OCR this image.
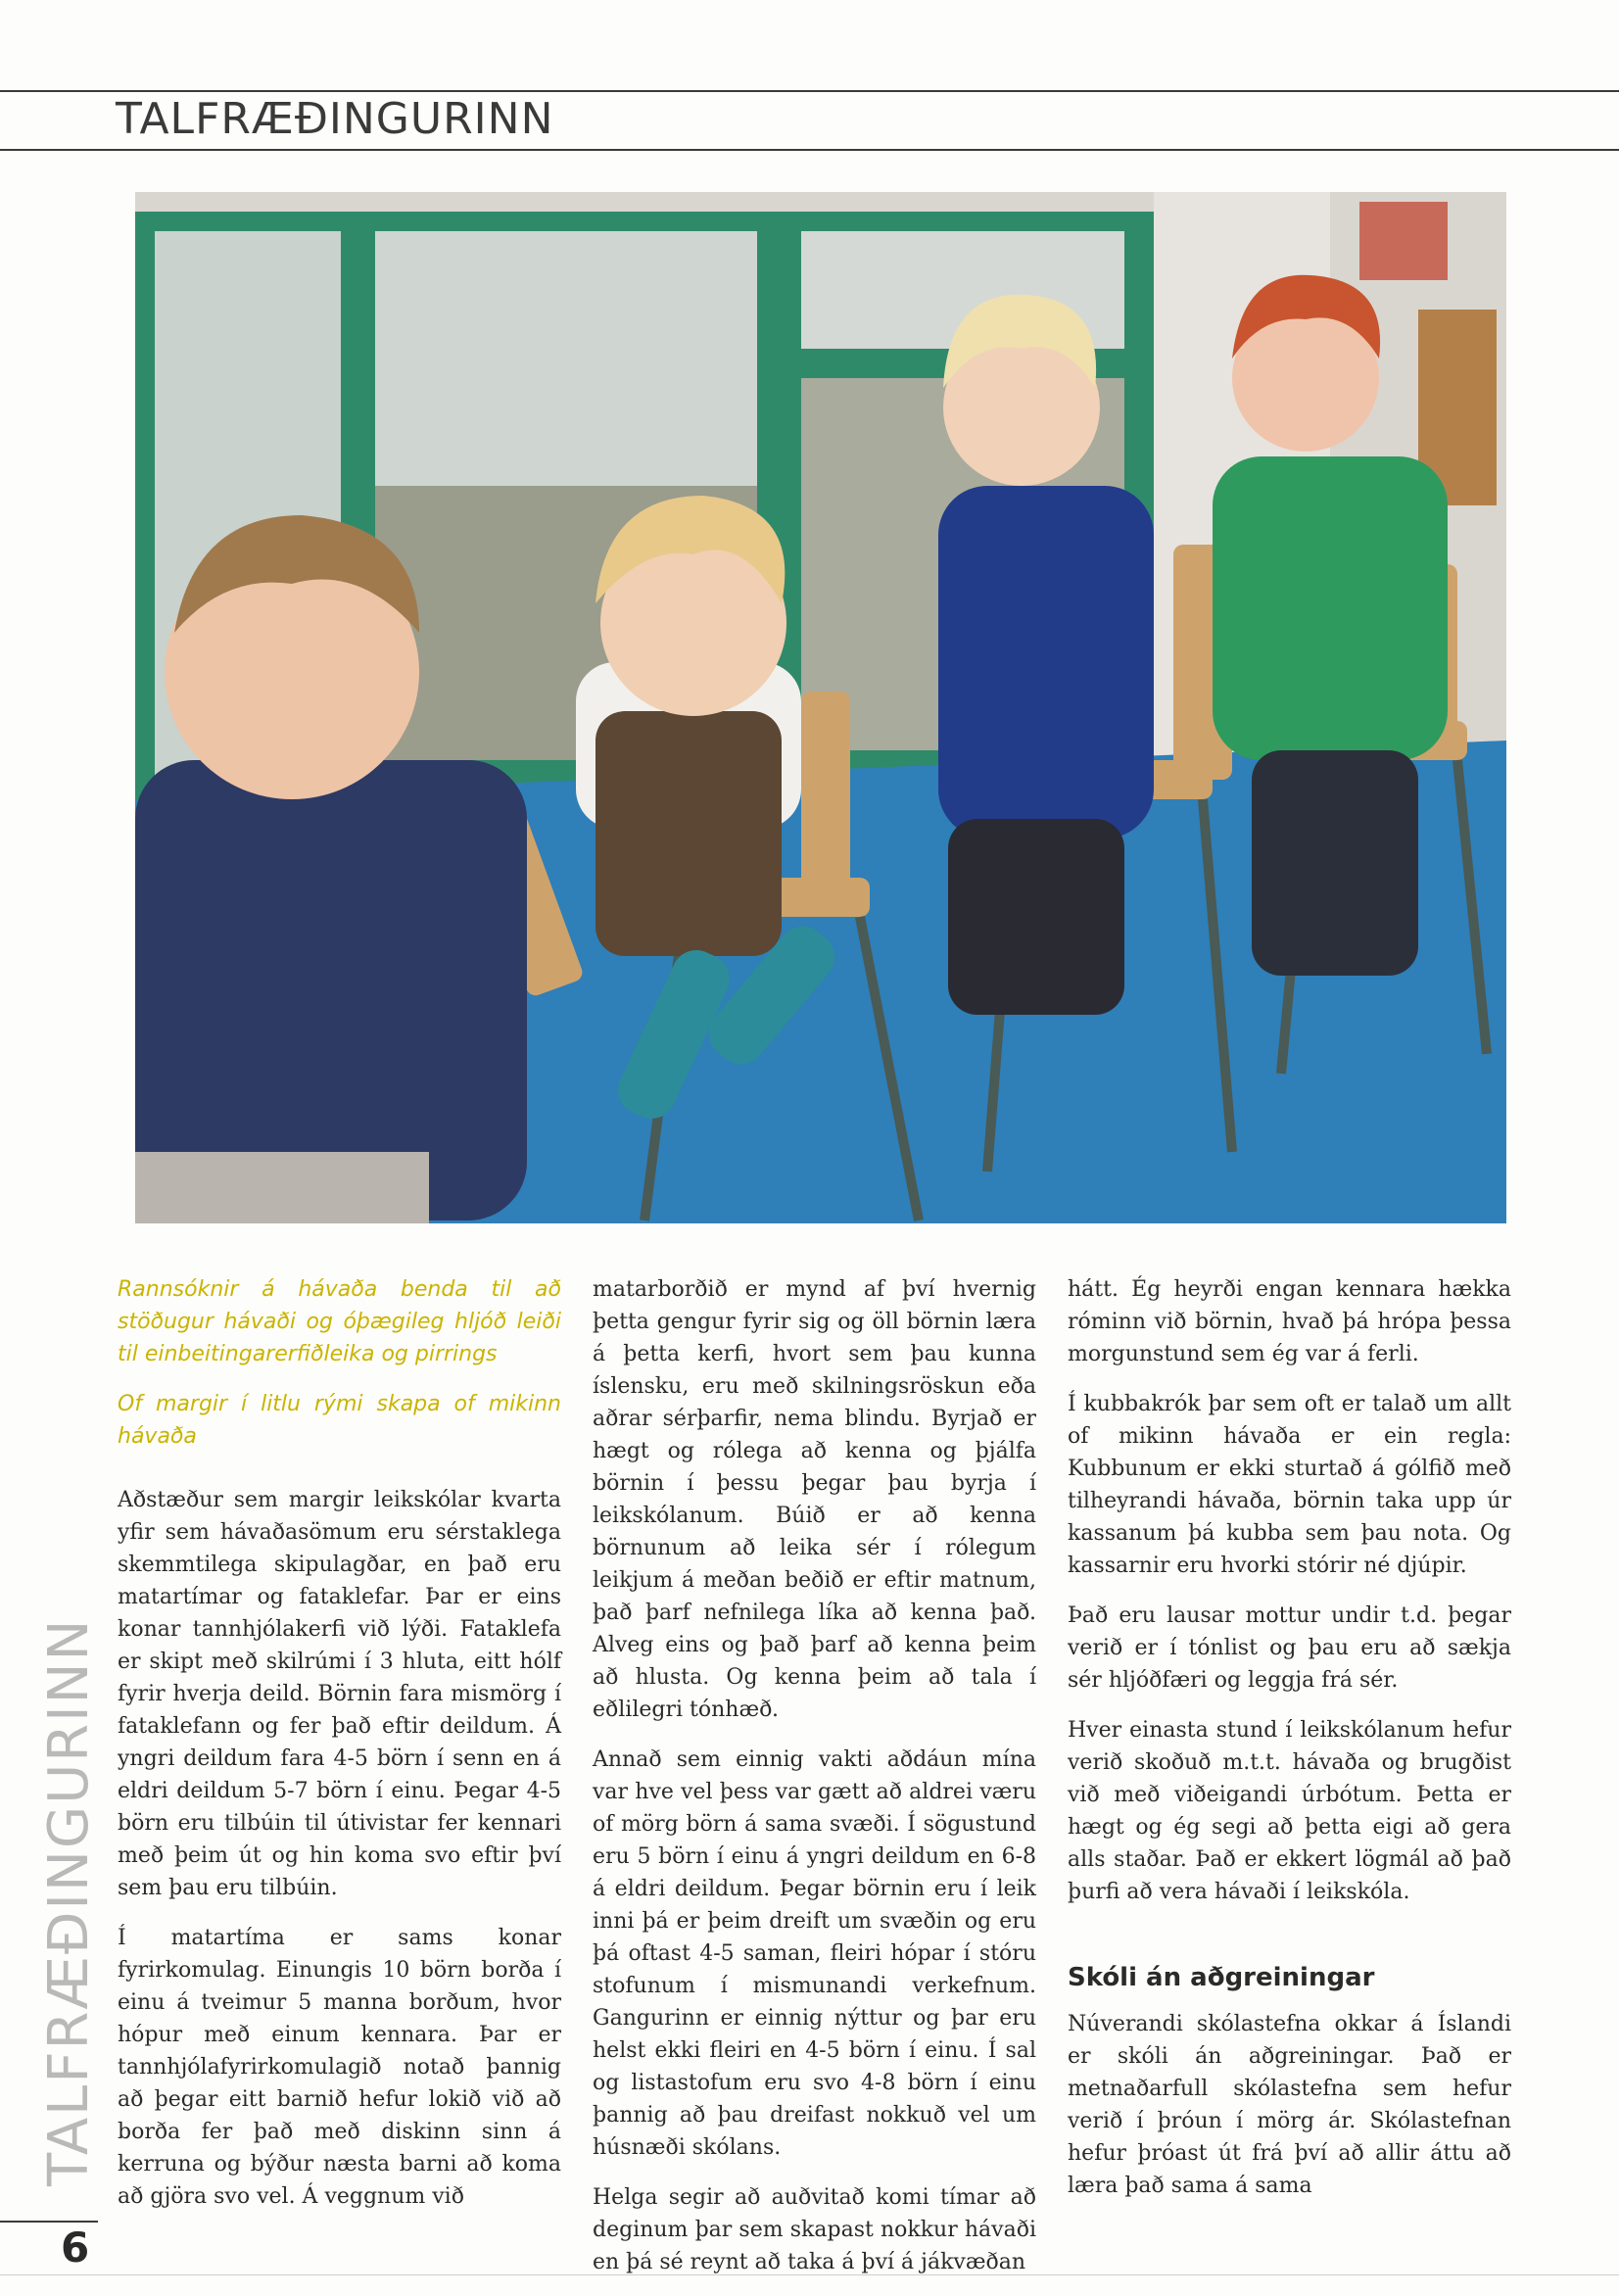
TALFRÆÐINGURINN
TALFRÆÐINGURINN

6

Rannsóknir á hávaða benda til að stöðugur hávaði og óþægileg hljóð leiði til einbeitingarerfiðleika og pirrings

Of margir í litlu rými skapa of mikinn hávaða

Aðstæður sem margir leikskólar kvarta yfir sem hávaðasömum eru sérstaklega skemmtilega skipulagðar, en það eru matartímar og fataklefar. Þar er eins konar tannhjólakerfi við lýði. Fataklefa er skipt með skilrúmi í 3 hluta, eitt hólf fyrir hverja deild. Börnin fara mismörg í fataklefann og fer það eftir deildum. Á yngri deildum fara 4-5 börn í senn en á eldri deildum 5-7 börn í einu. Þegar 4-5 börn eru tilbúin til útivistar fer kennari með þeim út og hin koma svo eftir því sem þau eru tilbúin.

Í matartíma er sams konar fyrirkomulag. Einungis 10 börn borða í einu á tveimur 5 manna borðum, hvor hópur með einum kennara. Þar er tannhjólafyrirkomulagið notað þannig að þegar eitt barnið hefur lokið við að borða fer það með diskinn sinn á kerruna og býður næsta barni að koma að gjöra svo vel. Á veggnum við

matarborðið er mynd af því hvernig þetta gengur fyrir sig og öll börnin læra á þetta kerfi, hvort sem þau kunna íslensku, eru með skilningsröskun eða aðrar sérþarfir, nema blindu. Byrjað er hægt og rólega að kenna og þjálfa börnin í þessu þegar þau byrja í leikskólanum. Búið er að kenna börnunum að leika sér í rólegum leikjum á meðan beðið er eftir matnum, það þarf nefnilega líka að kenna það. Alveg eins og það þarf að kenna þeim að hlusta. Og kenna þeim að tala í eðlilegri tónhæð.

Annað sem einnig vakti aðdáun mína var hve vel þess var gætt að aldrei væru of mörg börn á sama svæði. Í sögustund eru 5 börn í einu á yngri deildum en 6-8 á eldri deildum. Þegar börnin eru í leik inni þá er þeim dreift um svæðin og eru þá oftast 4-5 saman, fleiri hópar í stóru stofunum í mismunandi verkefnum. Gangurinn er einnig nýttur og þar eru helst ekki fleiri en 4-5 börn í einu. Í sal og listastofum eru svo 4-8 börn í einu þannig að þau dreifast nokkuð vel um húsnæði skólans.

Helga segir að auðvitað komi tímar að deginum þar sem skapast nokkur hávaði en þá sé reynt að taka á því á jákvæðan

hátt. Ég heyrði engan kennara hækka róminn við börnin, hvað þá hrópa þessa morgunstund sem ég var á ferli.

Í kubbakrók þar sem oft er talað um allt of mikinn hávaða er ein regla: Kubbunum er ekki sturtað á gólfið með tilheyrandi hávaða, börnin taka upp úr kassanum þá kubba sem þau nota. Og kassarnir eru hvorki stórir né djúpir.

Það eru lausar mottur undir t.d. þegar verið er í tónlist og þau eru að sækja sér hljóðfæri og leggja frá sér.

Hver einasta stund í leikskólanum hefur verið skoðuð m.t.t. hávaða og brugðist við með viðeigandi úrbótum. Þetta er hægt og ég segi að þetta eigi að gera alls staðar. Það er ekkert lögmál að það þurfi að vera hávaði í leikskóla.

Skóli án aðgreiningar

Núverandi skólastefna okkar á Íslandi er skóli án aðgreiningar. Það er metnaðarfull skólastefna sem hefur verið í þróun í mörg ár. Skólastefnan hefur þróast út frá því að allir áttu að læra það sama á sama
